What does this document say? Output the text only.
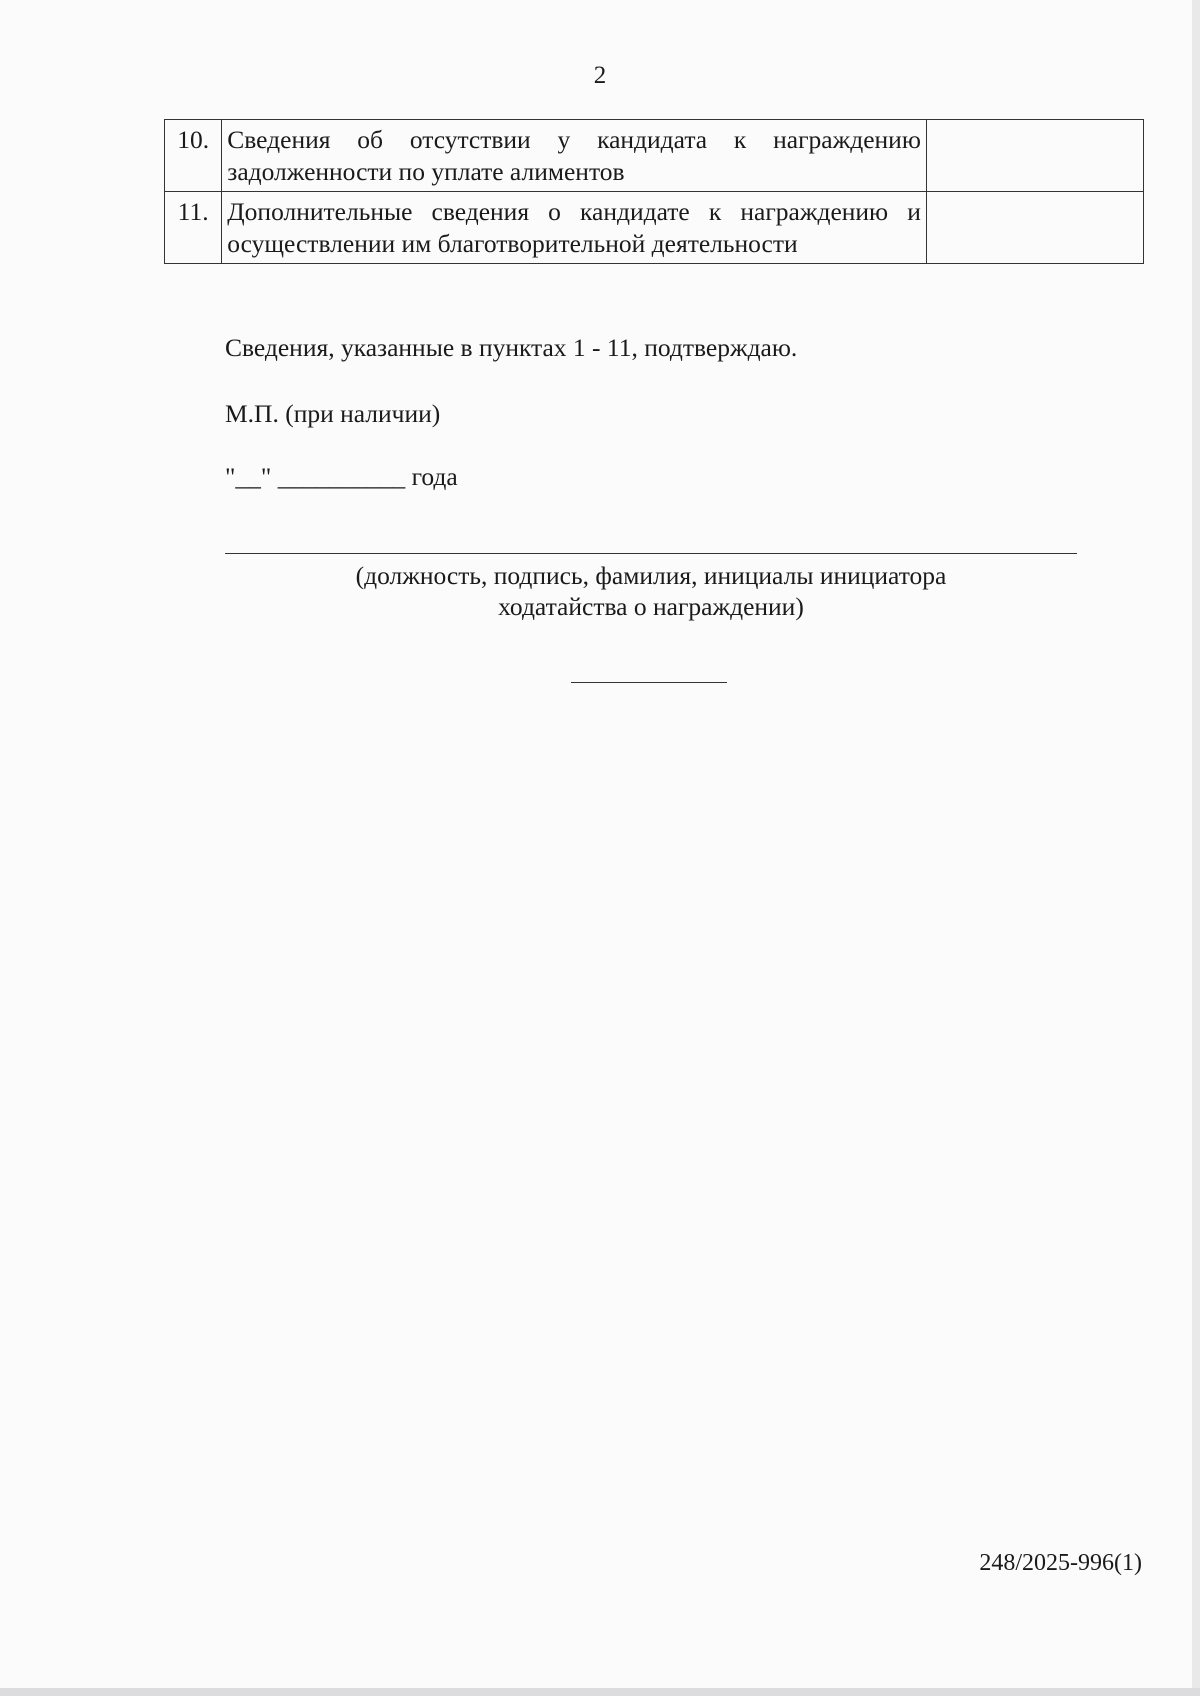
2
10.	Сведения об отсутствии у кандидата к награждению
задолженности по уплате алиментов	

11.	Дополнительные сведения о кандидате к награждению и
осуществлении им благотворительной деятельности	

Сведения, указанные в пунктах 1 - 11, подтверждаю.
М.П. (при наличии)
"__" __________ года
(должность, подпись, фамилия, инициалы инициатора
ходатайства о награждении)
248/2025-996(1)
